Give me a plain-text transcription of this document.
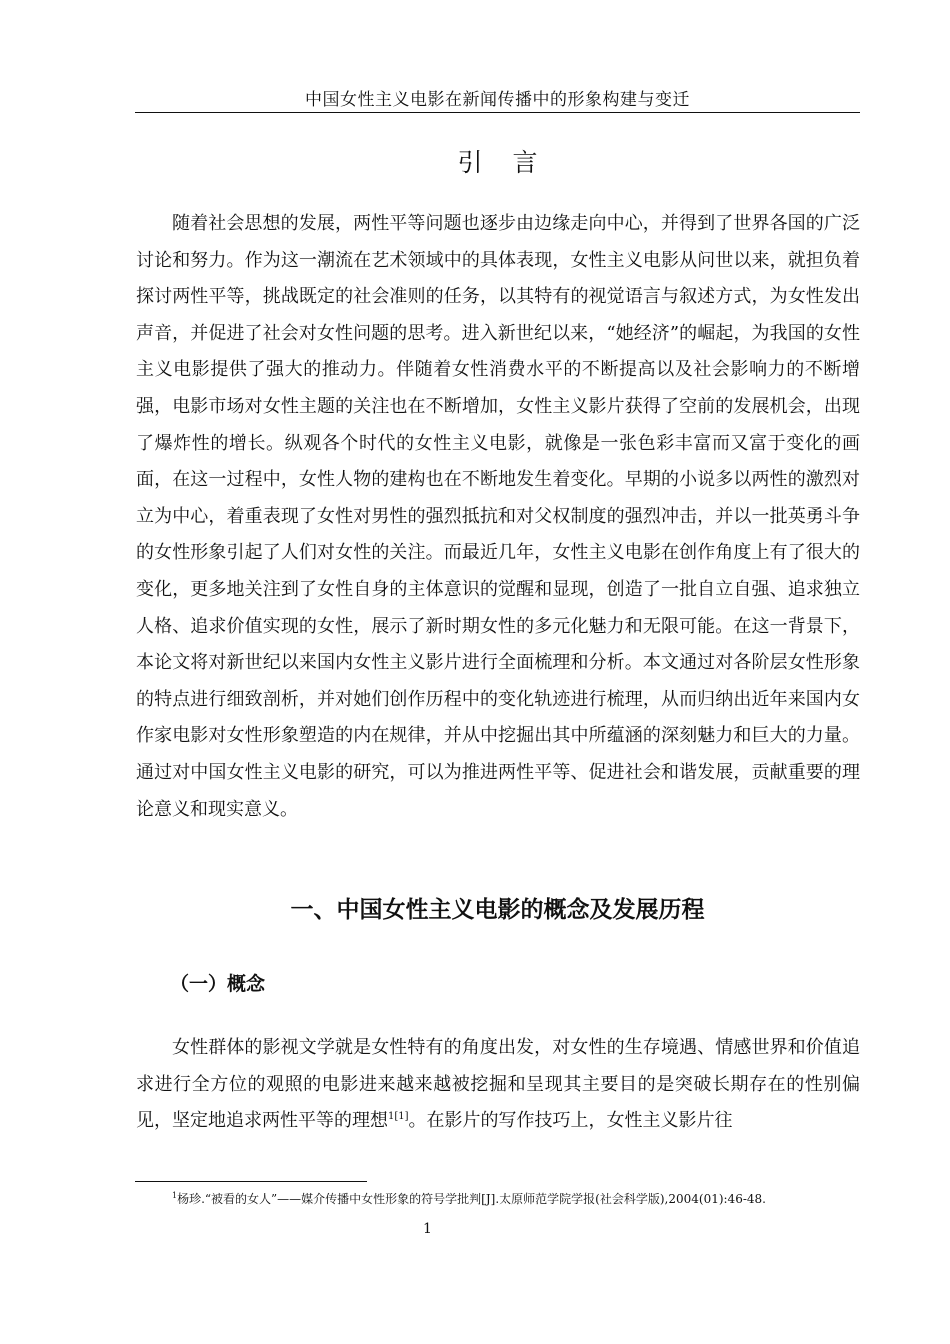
中国女性主义电影在新闻传播中的形象构建与变迁
引言

随着社会思想的发展，两性平等问题也逐步由边缘走向中心，并得到了世界各国的广泛讨论和努力。作为这一潮流在艺术领域中的具体表现，女性主义电影从问世以来，就担负着探讨两性平等，挑战既定的社会准则的任务，以其特有的视觉语言与叙述方式，为女性发出声音，并促进了社会对女性问题的思考。进入新世纪以来，“她经济”的崛起，为我国的女性主义电影提供了强大的推动力。伴随着女性消费水平的不断提高以及社会影响力的不断增强，电影市场对女性主题的关注也在不断增加，女性主义影片获得了空前的发展机会，出现了爆炸性的增长。纵观各个时代的女性主义电影，就像是一张色彩丰富而又富于变化的画面，在这一过程中，女性人物的建构也在不断地发生着变化。早期的小说多以两性的激烈对立为中心，着重表现了女性对男性的强烈抵抗和对父权制度的强烈冲击，并以一批英勇斗争的女性形象引起了人们对女性的关注。而最近几年，女性主义电影在创作角度上有了很大的变化，更多地关注到了女性自身的主体意识的觉醒和显现，创造了一批自立自强、追求独立人格、追求价值实现的女性，展示了新时期女性的多元化魅力和无限可能。在这一背景下，本论文将对新世纪以来国内女性主义影片进行全面梳理和分析。本文通过对各阶层女性形象的特点进行细致剖析，并对她们创作历程中的变化轨迹进行梳理，从而归纳出近年来国内女作家电影对女性形象塑造的内在规律，并从中挖掘出其中所蕴涵的深刻魅力和巨大的力量。通过对中国女性主义电影的研究，可以为推进两性平等、促进社会和谐发展，贡献重要的理论意义和现实意义。

一、中国女性主义电影的概念及发展历程
（一）概念

女性群体的影视文学就是女性特有的角度出发，对女性的生存境遇、情感世界和价值追求进行全方位的观照的电影进来越来越被挖掘和呈现其主要目的是突破长期存在的性别偏见，坚定地追求两性平等的理想$^{1[1]}$。在影片的写作技巧上，女性主义影片往

$^1$杨珍.“被看的女人”——媒介传播中女性形象的符号学批判[J].太原师范学院学报(社会科学版),2004(01):46-48.
1
